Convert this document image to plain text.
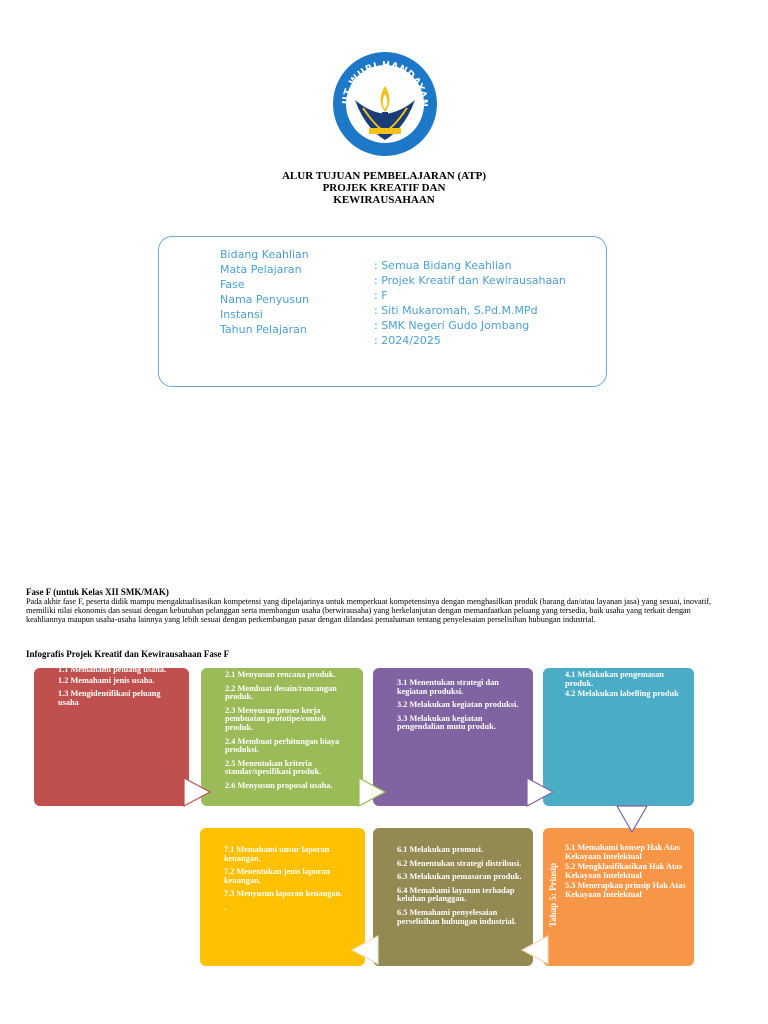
UT WURI HANDAYAN
ALUR TUJUAN PEMBELAJARAN (ATP)
PROJEK KREATIF DAN
KEWIRAUSAHAAN
Bidang Keahlian
Mata Pelajaran
Fase
Nama Penyusun
Instansi
Tahun Pelajaran
: Semua Bidang Keahlian
: Projek Kreatif dan Kewirausahaan
: F
: Siti Mukaromah, S.Pd.M.MPd
: SMK Negeri Gudo Jombang
: 2024/2025
Fase F (untuk Kelas XII SMK/MAK)
Pada akhir fase F, peserta didik mampu mengaktualisasikan kompetensi yang dipelajarinya untuk memperkuat kompetensinya dengan menghasilkan produk (barang dan/atau layanan jasa) yang sesuai, inovatif, memiliki nilai ekonomis dan sesuai dengan kebutuhan pelanggan serta membangun usaha (berwirausaha) yang berkelanjutan dengan memanfaatkan peluang yang tersedia, baik usaha yang terkait dengan keahliannya maupun usaha-usaha lainnya yang lebih sesuai dengan perkembangan pasar dengan dilandasi pemahaman tentang penyelesaian perselisihan hubungan industrial.
Infografis Projek Kreatif dan Kewirausahaan Fase F
1.1 Memahami peluang usaha.
1.2 Memahami jenis usaha.
1.3 Mengidentifikasi peluang usaha
2.1 Menyusun rencana produk.
2.2 Membuat desain/rancangan produk.
2.3 Menyusun proses kerja pembuatan prototipe/contoh produk.
2.4 Membuat perhitungan biaya produksi.
2.5 Menentukan kriteria standar/spesifikasi produk.
2.6 Menyusun proposal usaha.
3.1 Menentukan strategi dan kegiatan produksi.
3.2 Melakukan kegiatan produksi.
3.3 Melakukan kegiatan pengendalian mutu produk.
4.1 Melakukan pengemasan produk.
4.2 Melakukan labelling produk
7.1 Memahami unsur laporan keuangan.
7.2 Menentukan jenis laporan keuangan.
7.3 Menyusun laporan keuangan.
.
6.1 Melakukan promosi.
6.2 Menentukan strategi distribusi.
6.3 Melakukan pemasaran produk.
6.4 Memahami layanan terhadap keluhan pelanggan.
6.5 Memahami penyelesaian perselisihan hubungan industrial.
5.1 Memahami konsep Hak Atas Kekayaan Intelektual
5.2 Mengklasifikasikan Hak Atas Kekayaan Intelektual
5.3 Menerapkan prinsip Hak Atas Kekayaan Intelektual
Tahap 5: Prinsip
